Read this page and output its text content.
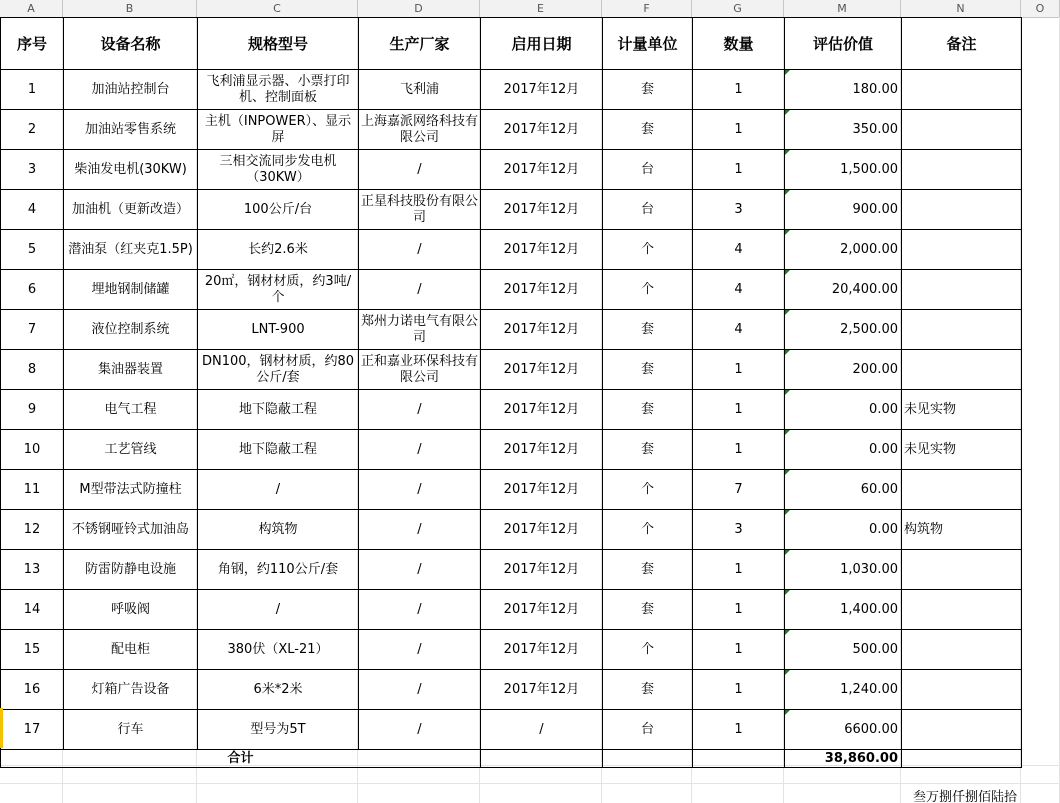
A	B	C	D	E	F	G	M	N	O
序号	设备名称	规格型号	生产厂家	启用日期	计量单位	数量	评估价值	备注
1	加油站控制台	飞利浦显示器、小票打印机、控制面板	飞利浦	2017年12月	套	1	180.00	
2	加油站零售系统	主机（INPOWER）、显示屏	上海嘉派网络科技有限公司	2017年12月	套	1	350.00	
3	柴油发电机(30KW)	三相交流同步发电机（30KW）	/	2017年12月	台	1	1,500.00	
4	加油机（更新改造）	100公斤/台	正星科技股份有限公司	2017年12月	台	3	900.00	
5	潜油泵（红夹克1.5P)	长约2.6米	/	2017年12月	个	4	2,000.00	
6	埋地钢制储罐	20㎡，钢材材质，约3吨/个	/	2017年12月	个	4	20,400.00	
7	液位控制系统	LNT-900	郑州力诺电气有限公司	2017年12月	套	4	2,500.00	
8	集油器装置	DN100，钢材材质，约80公斤/套	正和嘉业环保科技有限公司	2017年12月	套	1	200.00	
9	电气工程	地下隐蔽工程	/	2017年12月	套	1	0.00	未见实物
10	工艺管线	地下隐蔽工程	/	2017年12月	套	1	0.00	未见实物
11	M型带法式防撞柱	/	/	2017年12月	个	7	60.00	
12	不锈钢哑铃式加油岛	构筑物	/	2017年12月	个	3	0.00	构筑物
13	防雷防静电设施	角钢，约110公斤/套	/	2017年12月	套	1	1,030.00	
14	呼吸阀	/	/	2017年12月	套	1	1,400.00	
15	配电柜	380伏（XL-21）	/	2017年12月	个	1	500.00	
16	灯箱广告设备	6米*2米	/	2017年12月	套	1	1,240.00	
17	行车	型号为5T	/	/	台	1	6600.00	
合计							38,860.00	
叁万捌仟捌佰陆拾
